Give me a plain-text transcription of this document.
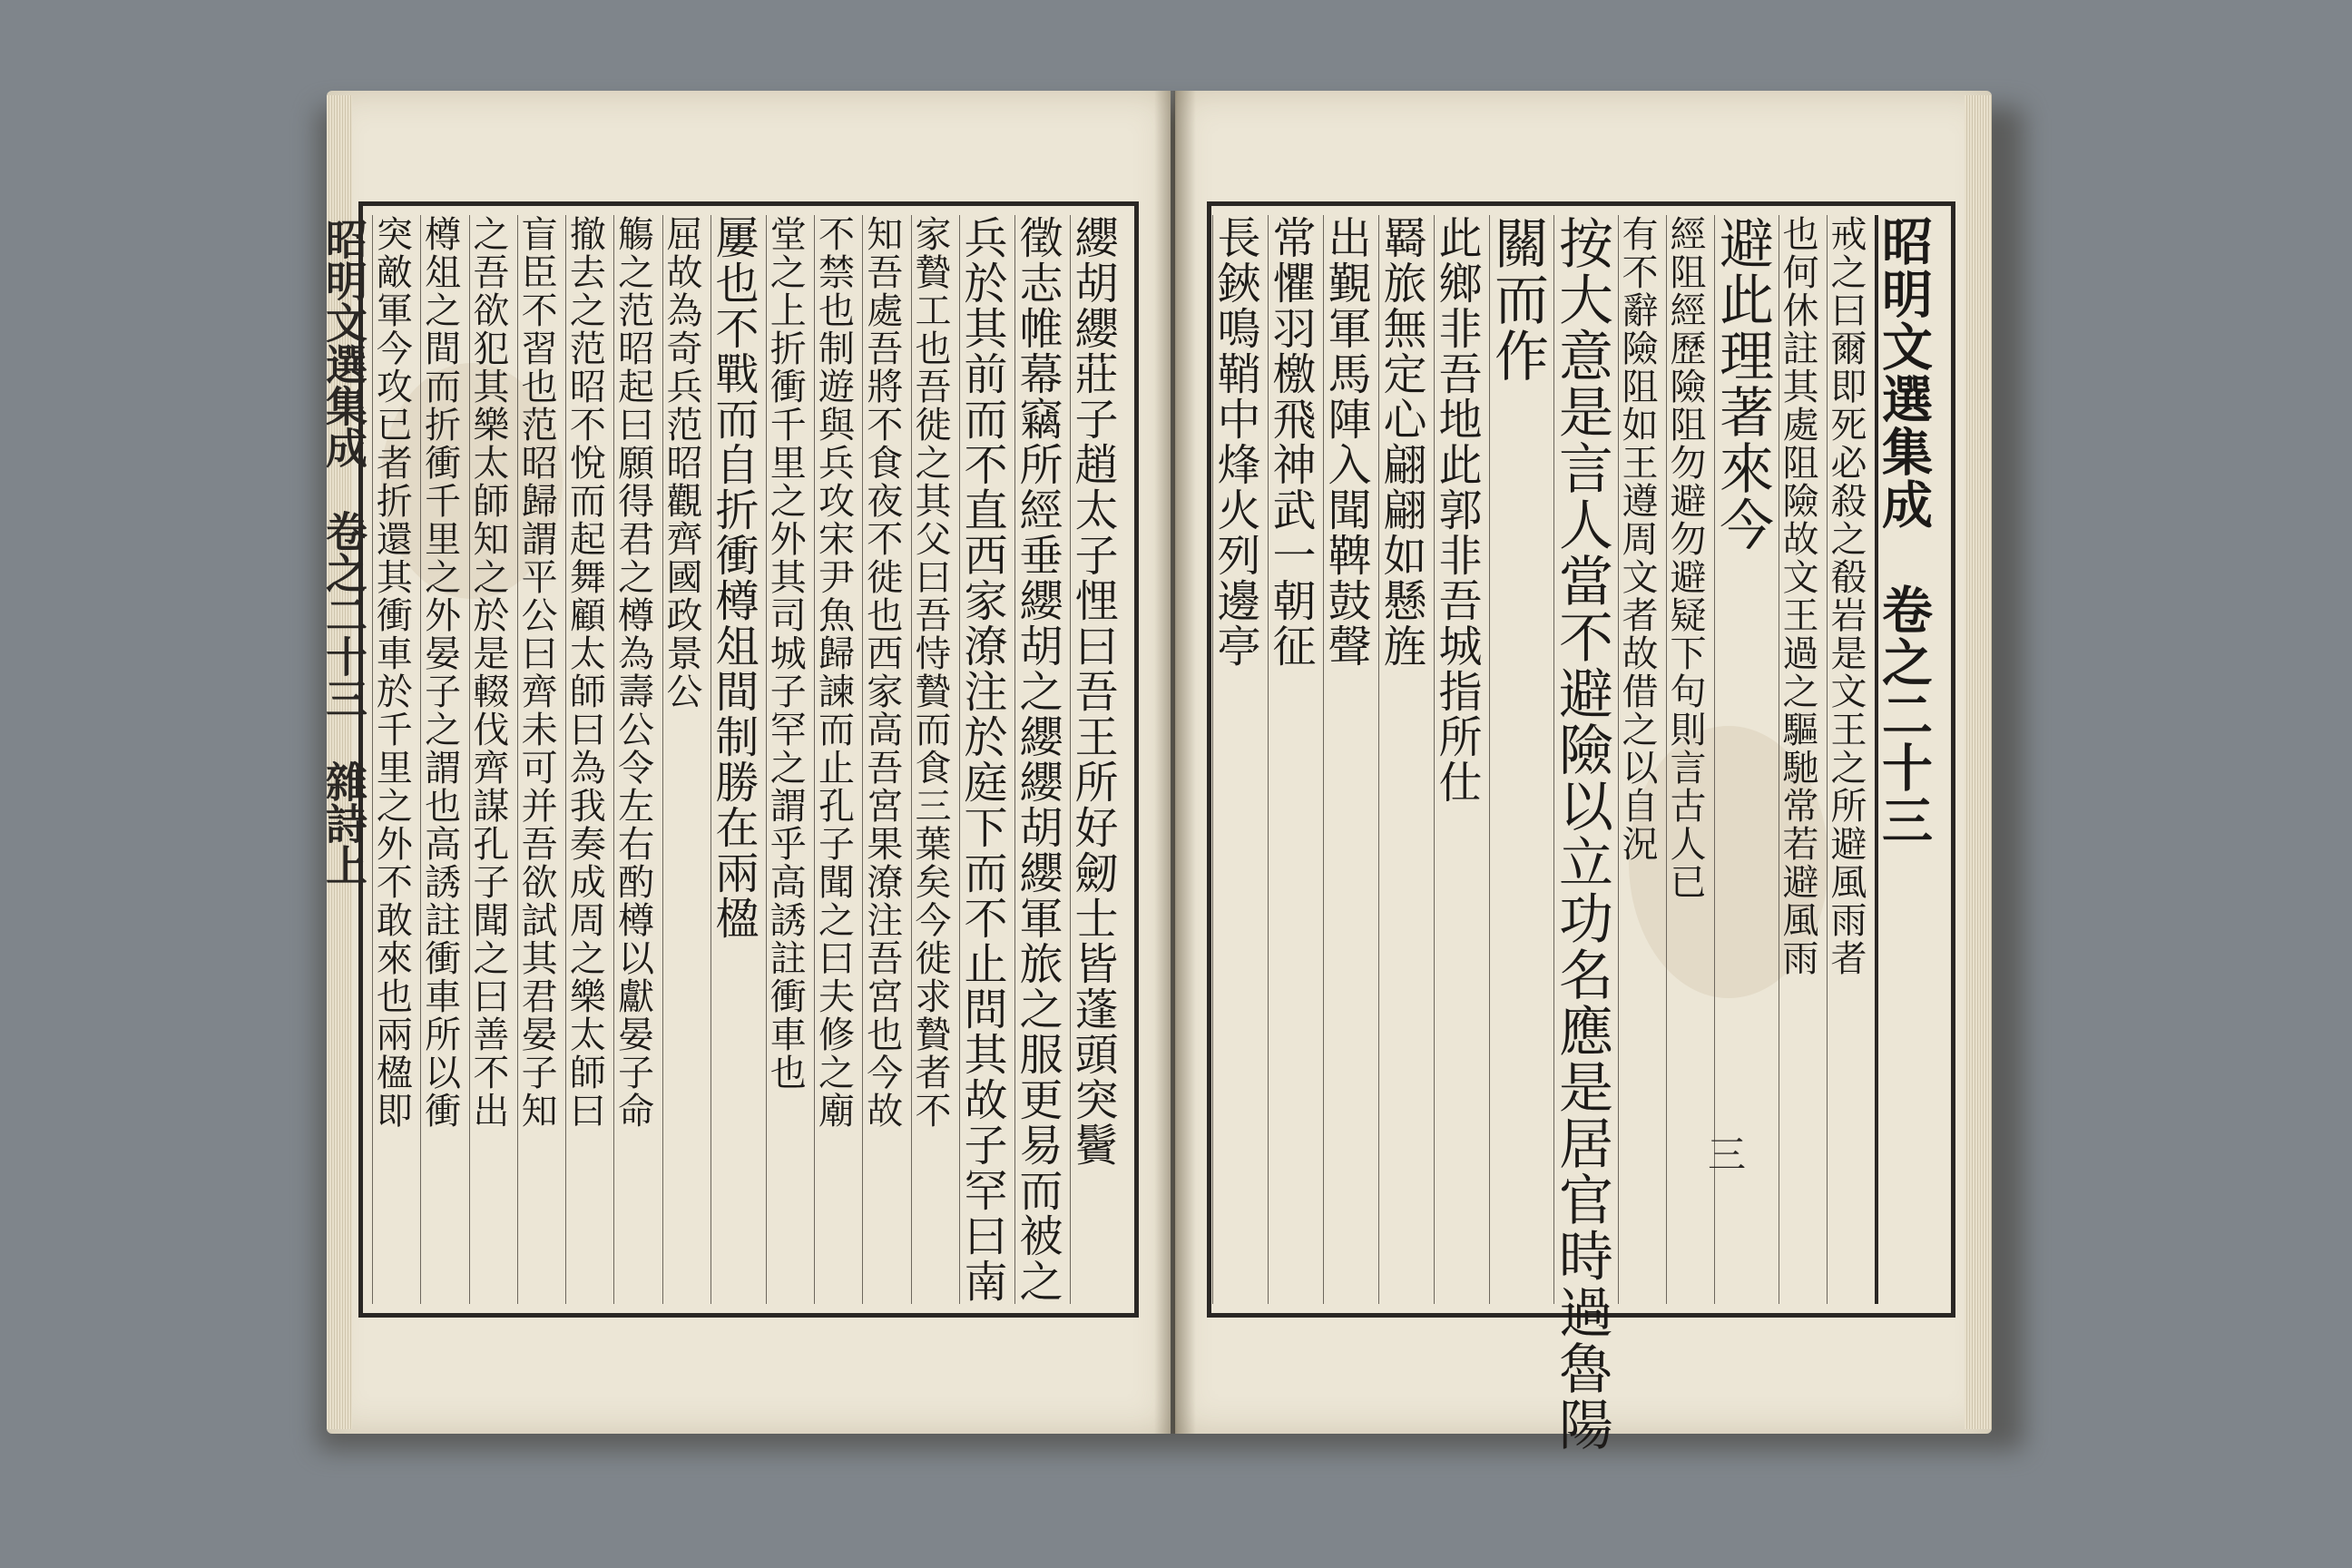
纓胡纓莊子趙太子悝曰吾王所好劒士皆蓬頭突鬢
徵志帷幕竊所經垂纓胡之纓纓胡纓軍旅之服更易而被之
兵於其前而不直西家潦注於庭下而不止問其故子罕曰南
家贄工也吾徙之其父曰吾恃贄而食三葉矣今徙求贄者不
知吾處吾將不食夜不徙也西家高吾宮果潦注吾宮也今故
不禁也制遊與兵攻宋尹魚歸諫而止孔子聞之曰夫修之廟
堂之上折衝千里之外其司城子罕之謂乎高誘註衝車也
屢也不戰而自折衝樽俎間制勝在兩楹
屈故為奇兵范昭觀齊國政景公
觴之范昭起曰願得君之樽為壽公令左右酌樽以獻晏子命
撤去之范昭不悅而起舞顧太師曰為我奏成周之樂太師曰
盲臣不習也范昭歸謂平公曰齊未可并吾欲試其君晏子知
之吾欲犯其樂太師知之於是輟伐齊謀孔子聞之曰善不出
樽俎之間而折衝千里之外晏子之謂也高誘註衝車所以衝
突敵軍今攻已者折還其衝車於千里之外不敢來也兩楹即
昭明文選集成　卷之二十三　雜詩上
昭明文選集成　卷之二十三
戒之曰爾即死必殺之殽岩是文王之所避風雨者
也何休註其處阻險故文王過之驅馳常若避風雨
避此理著來今
經阻經歷險阻勿避勿避疑下句則言古人已
有不辭險阻如王遵周文者故借之以自況
按大意是言人當不避險以立功名應是居官時過魯陽
關而作
此鄉非吾地此郭非吾城指所仕
羇旅無定心翩翩如懸旌
出覲軍馬陣入聞鞞鼓聲
常懼羽檄飛神武一朝征
長鋏鳴鞘中烽火列邊亭
三
